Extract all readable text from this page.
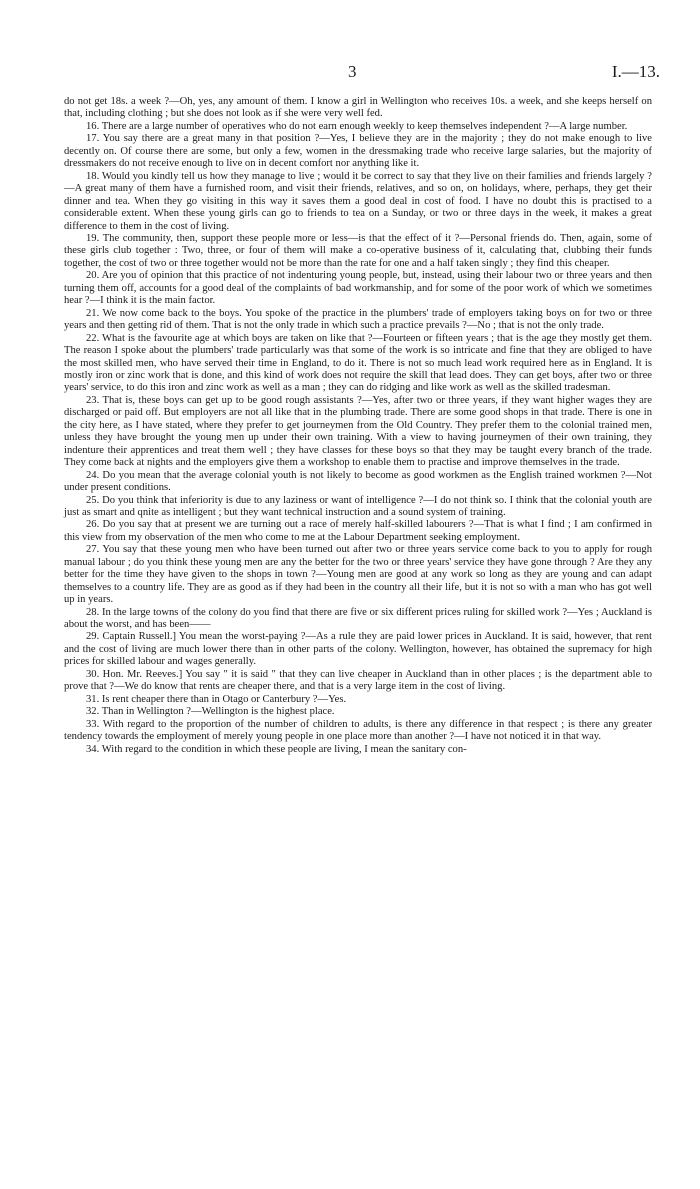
3	I.—13.

do not get 18s. a week ?—Oh, yes, any amount of them. I know a girl in Wellington who receives 10s. a week, and she keeps herself on that, including clothing ; but she does not look as if she were very well fed.

16. There are a large number of operatives who do not earn enough weekly to keep themselves independent ?—A large number.

17. You say there are a great many in that position ?—Yes, I believe they are in the majority ; they do not make enough to live decently on. Of course there are some, but only a few, women in the dressmaking trade who receive large salaries, but the majority of dressmakers do not receive enough to live on in decent comfort nor anything like it.

18. Would you kindly tell us how they manage to live ; would it be correct to say that they live on their families and friends largely ?—A great many of them have a furnished room, and visit their friends, relatives, and so on, on holidays, where, perhaps, they get their dinner and tea. When they go visiting in this way it saves them a good deal in cost of food. I have no doubt this is practised to a considerable extent. When these young girls can go to friends to tea on a Sunday, or two or three days in the week, it makes a great difference to them in the cost of living.

19. The community, then, support these people more or less—is that the effect of it ?—Personal friends do. Then, again, some of these girls club together : Two, three, or four of them will make a co-operative business of it, calculating that, clubbing their funds together, the cost of two or three together would not be more than the rate for one and a half taken singly ; they find this cheaper.

20. Are you of opinion that this practice of not indenturing young people, but, instead, using their labour two or three years and then turning them off, accounts for a good deal of the complaints of bad workmanship, and for some of the poor work of which we sometimes hear ?—I think it is the main factor.

21. We now come back to the boys. You spoke of the practice in the plumbers' trade of employers taking boys on for two or three years and then getting rid of them. That is not the only trade in which such a practice prevails ?—No ; that is not the only trade.

22. What is the favourite age at which boys are taken on like that ?—Fourteen or fifteen years ; that is the age they mostly get them. The reason I spoke about the plumbers' trade particularly was that some of the work is so intricate and fine that they are obliged to have the most skilled men, who have served their time in England, to do it. There is not so much lead work required here as in England. It is mostly iron or zinc work that is done, and this kind of work does not require the skill that lead does. They can get boys, after two or three years' service, to do this iron and zinc work as well as a man ; they can do ridging and like work as well as the skilled tradesman.

23. That is, these boys can get up to be good rough assistants ?—Yes, after two or three years, if they want higher wages they are discharged or paid off. But employers are not all like that in the plumbing trade. There are some good shops in that trade. There is one in the city here, as I have stated, where they prefer to get journeymen from the Old Country. They prefer them to the colonial trained men, unless they have brought the young men up under their own training. With a view to having journeymen of their own training, they indenture their apprentices and treat them well ; they have classes for these boys so that they may be taught every branch of the trade. They come back at nights and the employers give them a workshop to enable them to practise and improve themselves in the trade.

24. Do you mean that the average colonial youth is not likely to become as good workmen as the English trained workmen ?—Not under present conditions.

25. Do you think that inferiority is due to any laziness or want of intelligence ?—I do not think so. I think that the colonial youth are just as smart and qnite as intelligent ; but they want technical instruction and a sound system of training.

26. Do you say that at present we are turning out a race of merely half-skilled labourers ?—That is what I find ; I am confirmed in this view from my observation of the men who come to me at the Labour Department seeking employment.

27. You say that these young men who have been turned out after two or three years service come back to you to apply for rough manual labour ; do you think these young men are any the better for the two or three years' service they have gone through ? Are they any better for the time they have given to the shops in town ?—Young men are good at any work so long as they are young and can adapt themselves to a country life. They are as good as if they had been in the country all their life, but it is not so with a man who has got well up in years.

28. In the large towns of the colony do you find that there are five or six different prices ruling for skilled work ?—Yes ; Auckland is about the worst, and has been——

29. Captain Russell.] You mean the worst-paying ?—As a rule they are paid lower prices in Auckland. It is said, however, that rent and the cost of living are much lower there than in other parts of the colony. Wellington, however, has obtained the supremacy for high prices for skilled labour and wages generally.

30. Hon. Mr. Reeves.] You say " it is said " that they can live cheaper in Auckland than in other places ; is the department able to prove that ?—We do know that rents are cheaper there, and that is a very large item in the cost of living.

31. Is rent cheaper there than in Otago or Canterbury ?—Yes.

32. Than in Wellington ?—Wellington is the highest place.

33. With regard to the proportion of the number of children to adults, is there any difference in that respect ; is there any greater tendency towards the employment of merely young people in one place more than another ?—I have not noticed it in that way.

34. With regard to the condition in which these people are living, I mean the sanitary con-
